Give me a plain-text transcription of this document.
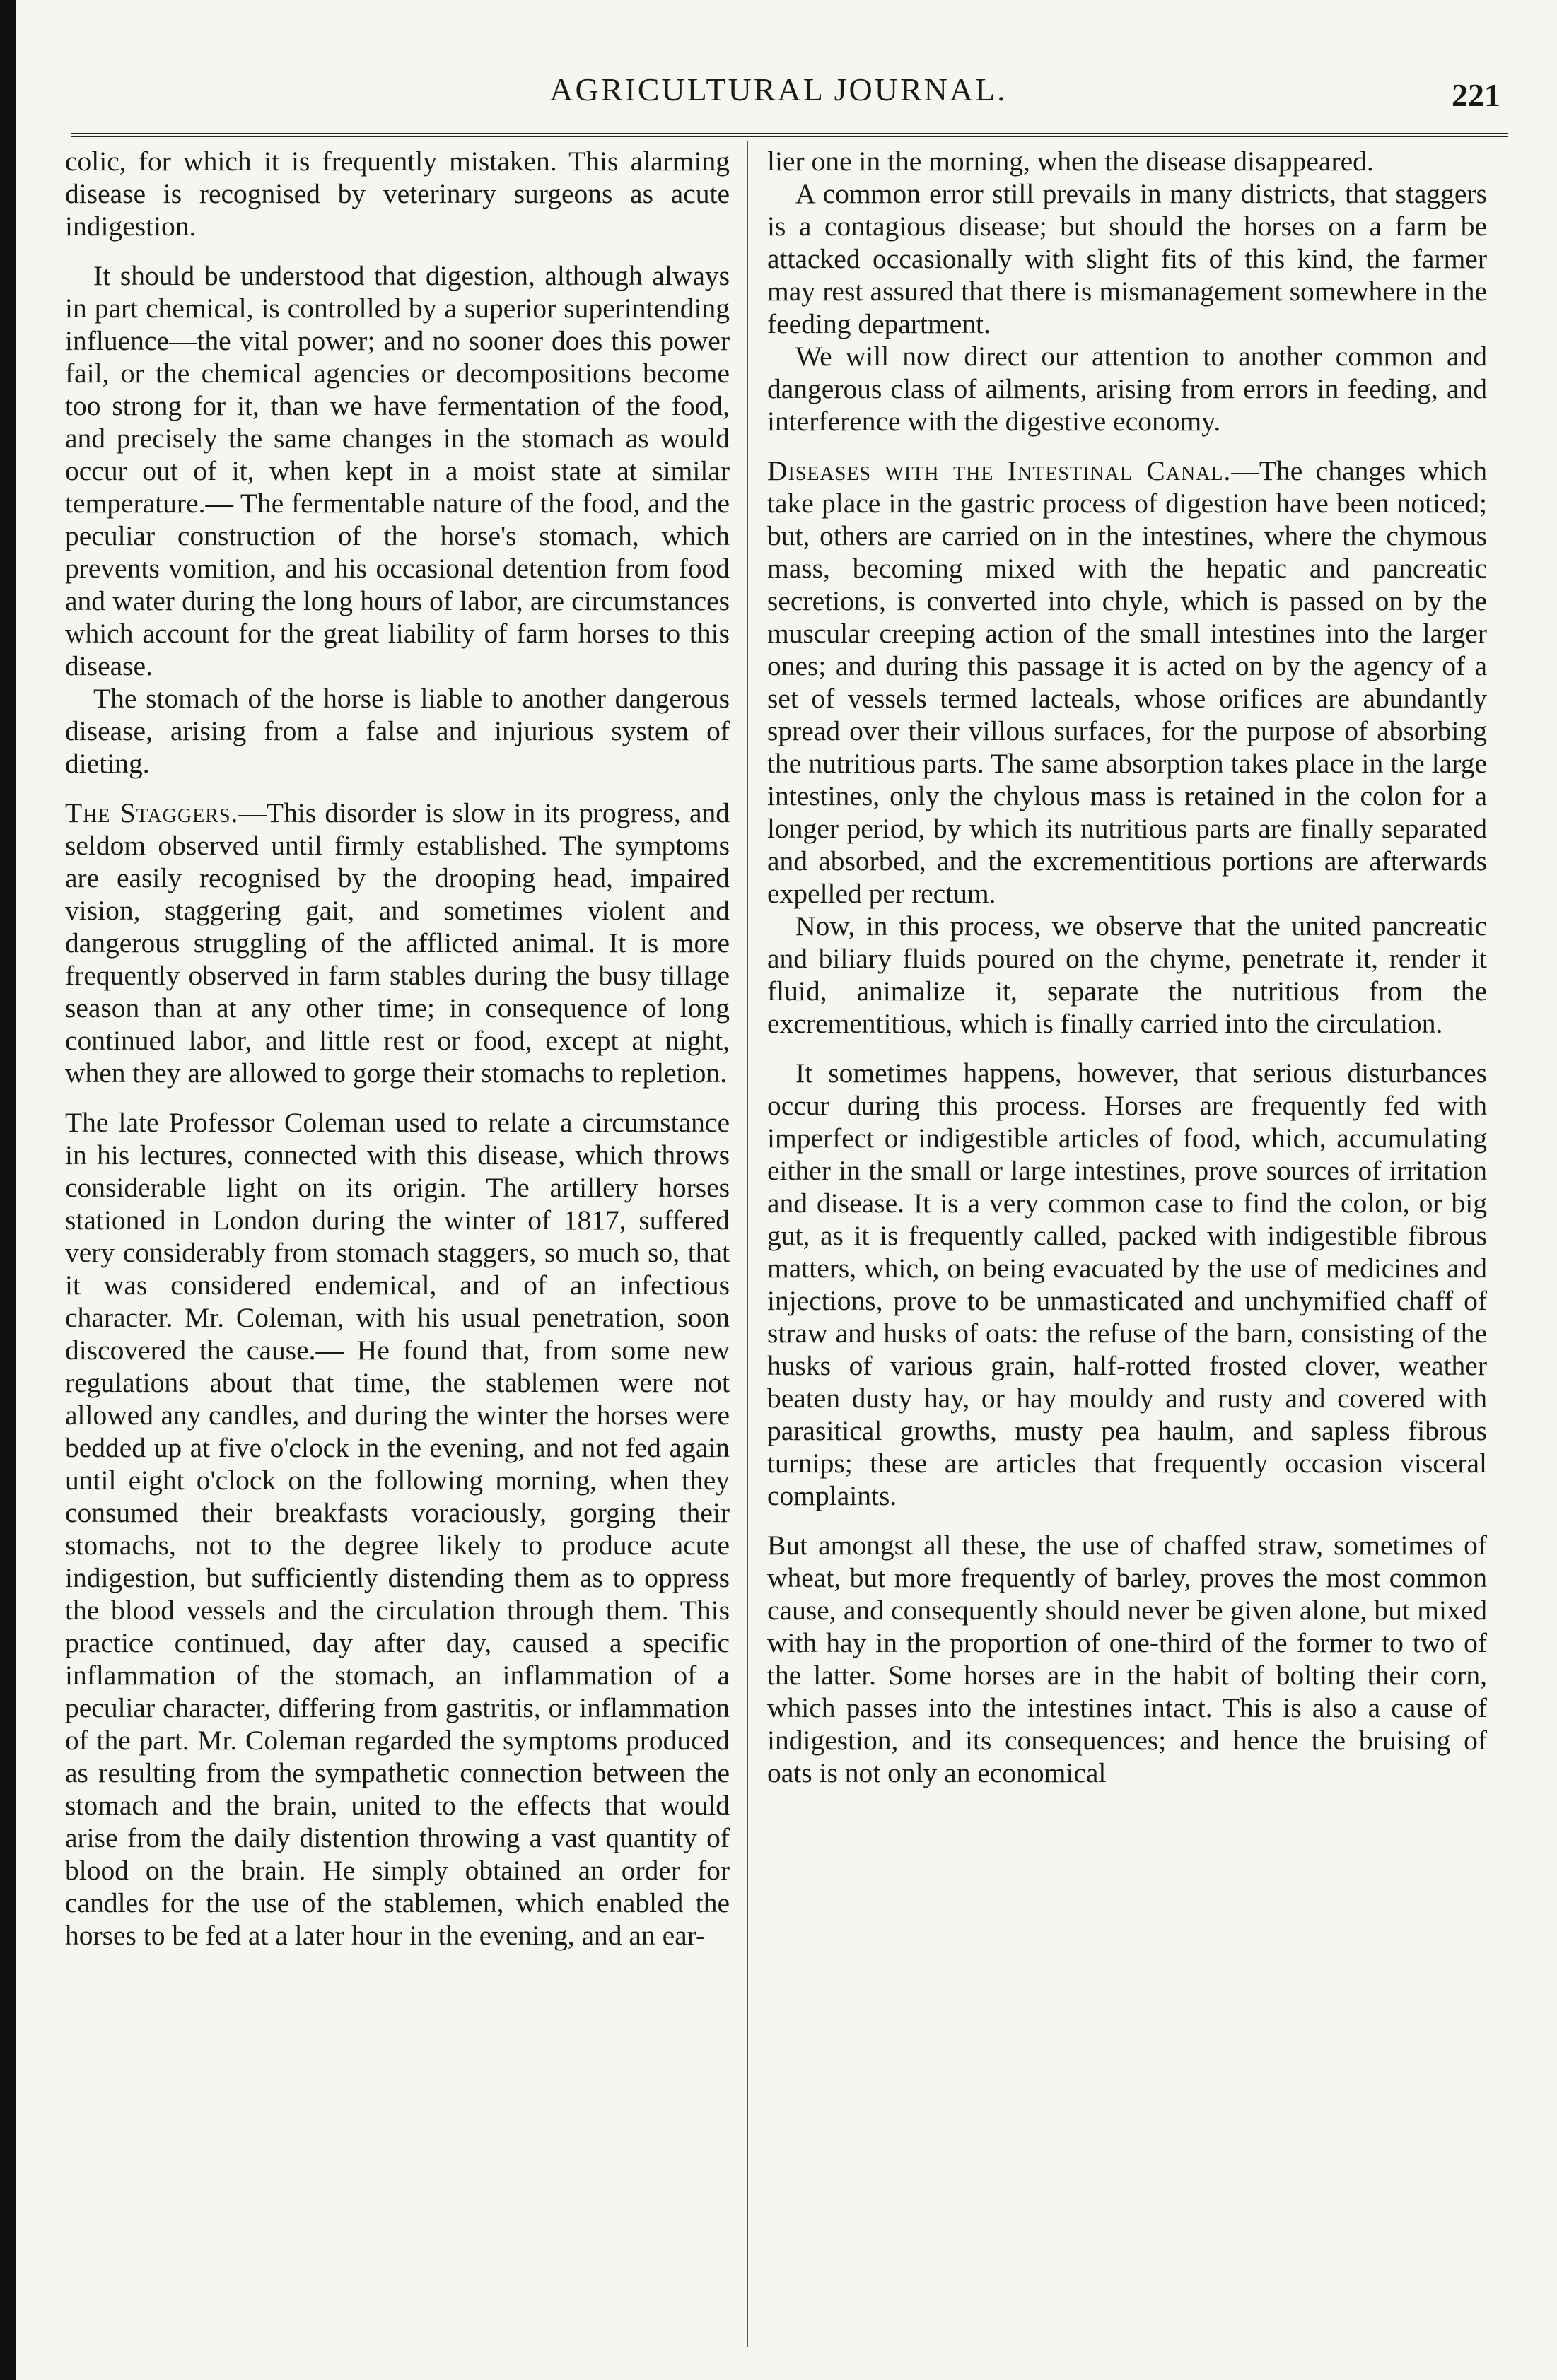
AGRICULTURAL JOURNAL.	221

colic, for which it is frequently mistaken. This alarming disease is recognised by veterinary surgeons as acute indigestion.

It should be understood that digestion, although always in part chemical, is controlled by a superior superintending influence—the vital power; and no sooner does this power fail, or the chemical agencies or decompositions become too strong for it, than we have fermentation of the food, and precisely the same changes in the stomach as would occur out of it, when kept in a moist state at similar temperature.— The fermentable nature of the food, and the peculiar construction of the horse's stomach, which prevents vomition, and his occasional detention from food and water during the long hours of labor, are circumstances which account for the great liability of farm horses to this disease.

The stomach of the horse is liable to another dangerous disease, arising from a false and injurious system of dieting.

The Staggers.—This disorder is slow in its progress, and seldom observed until firmly established. The symptoms are easily recognised by the drooping head, impaired vision, staggering gait, and sometimes violent and dangerous struggling of the afflicted animal. It is more frequently observed in farm stables during the busy tillage season than at any other time; in consequence of long continued labor, and little rest or food, except at night, when they are allowed to gorge their stomachs to repletion.

The late Professor Coleman used to relate a circumstance in his lectures, connected with this disease, which throws considerable light on its origin. The artillery horses stationed in London during the winter of 1817, suffered very considerably from stomach staggers, so much so, that it was considered endemical, and of an infectious character. Mr. Coleman, with his usual penetration, soon discovered the cause.— He found that, from some new regulations about that time, the stablemen were not allowed any candles, and during the winter the horses were bedded up at five o'clock in the evening, and not fed again until eight o'clock on the following morning, when they consumed their breakfasts voraciously, gorging their stomachs, not to the degree likely to produce acute indigestion, but sufficiently distending them as to oppress the blood vessels and the circulation through them. This practice continued, day after day, caused a specific inflammation of the stomach, an inflammation of a peculiar character, differing from gastritis, or inflammation of the part. Mr. Coleman regarded the symptoms produced as resulting from the sympathetic connection between the stomach and the brain, united to the effects that would arise from the daily distention throwing a vast quantity of blood on the brain. He simply obtained an order for candles for the use of the stablemen, which enabled the horses to be fed at a later hour in the evening, and an ear-

lier one in the morning, when the disease disappeared.

A common error still prevails in many districts, that staggers is a contagious disease; but should the horses on a farm be attacked occasionally with slight fits of this kind, the farmer may rest assured that there is mismanagement somewhere in the feeding department.

We will now direct our attention to another common and dangerous class of ailments, arising from errors in feeding, and interference with the digestive economy.

Diseases with the Intestinal Canal.—The changes which take place in the gastric process of digestion have been noticed; but, others are carried on in the intestines, where the chymous mass, becoming mixed with the hepatic and pancreatic secretions, is converted into chyle, which is passed on by the muscular creeping action of the small intestines into the larger ones; and during this passage it is acted on by the agency of a set of vessels termed lacteals, whose orifices are abundantly spread over their villous surfaces, for the purpose of absorbing the nutritious parts. The same absorption takes place in the large intestines, only the chylous mass is retained in the colon for a longer period, by which its nutritious parts are finally separated and absorbed, and the excrementitious portions are afterwards expelled per rectum.

Now, in this process, we observe that the united pancreatic and biliary fluids poured on the chyme, penetrate it, render it fluid, animalize it, separate the nutritious from the excrementitious, which is finally carried into the circulation.

It sometimes happens, however, that serious disturbances occur during this process. Horses are frequently fed with imperfect or indigestible articles of food, which, accumulating either in the small or large intestines, prove sources of irritation and disease. It is a very common case to find the colon, or big gut, as it is frequently called, packed with indigestible fibrous matters, which, on being evacuated by the use of medicines and injections, prove to be unmasticated and unchymified chaff of straw and husks of oats: the refuse of the barn, consisting of the husks of various grain, half-rotted frosted clover, weather beaten dusty hay, or hay mouldy and rusty and covered with parasitical growths, musty pea haulm, and sapless fibrous turnips; these are articles that frequently occasion visceral complaints.

But amongst all these, the use of chaffed straw, sometimes of wheat, but more frequently of barley, proves the most common cause, and consequently should never be given alone, but mixed with hay in the proportion of one-third of the former to two of the latter. Some horses are in the habit of bolting their corn, which passes into the intestines intact. This is also a cause of indigestion, and its consequences; and hence the bruising of oats is not only an economical
